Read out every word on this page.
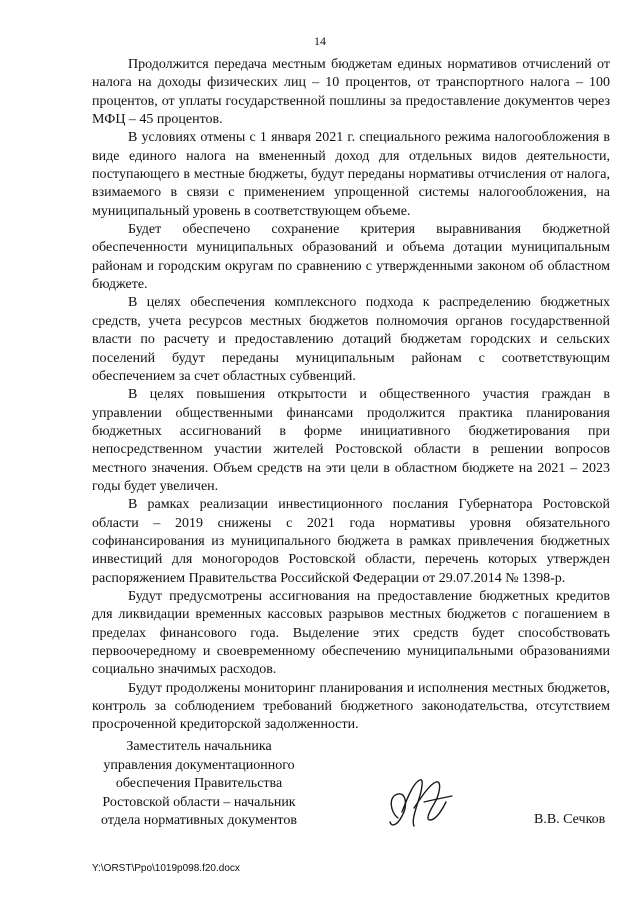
14

Продолжится передача местным бюджетам единых нормативов отчислений от налога на доходы физических лиц – 10 процентов, от транспортного налога – 100 процентов, от уплаты государственной пошлины за предоставление документов через МФЦ – 45 процентов.

В условиях отмены с 1 января 2021 г. специального режима налогообложения в виде единого налога на вмененный доход для отдельных видов деятельности, поступающего в местные бюджеты, будут переданы нормативы отчисления от налога, взимаемого в связи с применением упрощенной системы налогообложения, на муниципальный уровень в соответствующем объеме.

Будет обеспечено сохранение критерия выравнивания бюджетной обеспеченности муниципальных образований и объема дотации муниципальным районам и городским округам по сравнению с утвержденными законом об областном бюджете.

В целях обеспечения комплексного подхода к распределению бюджетных средств, учета ресурсов местных бюджетов полномочия органов государственной власти по расчету и предоставлению дотаций бюджетам городских и сельских поселений будут переданы муниципальным районам с соответствующим обеспечением за счет областных субвенций.

В целях повышения открытости и общественного участия граждан в управлении общественными финансами продолжится практика планирования бюджетных ассигнований в форме инициативного бюджетирования при непосредственном участии жителей Ростовской области в решении вопросов местного значения. Объем средств на эти цели в областном бюджете на 2021 – 2023 годы будет увеличен.

В рамках реализации инвестиционного послания Губернатора Ростовской области – 2019 снижены с 2021 года нормативы уровня обязательного софинансирования из муниципального бюджета в рамках привлечения бюджетных инвестиций для моногородов Ростовской области, перечень которых утвержден распоряжением Правительства Российской Федерации от 29.07.2014 № 1398-р.

Будут предусмотрены ассигнования на предоставление бюджетных кредитов для ликвидации временных кассовых разрывов местных бюджетов с погашением в пределах финансового года. Выделение этих средств будет способствовать первоочередному и своевременному обеспечению муниципальными образованиями социально значимых расходов.

Будут продолжены мониторинг планирования и исполнения местных бюджетов, контроль за соблюдением требований бюджетного законодательства, отсутствием просроченной кредиторской задолженности.

Заместитель начальника
управления документационного
обеспечения Правительства
Ростовской области – начальник
отдела нормативных документов	В.В. Сечков
Y:\ORST\Ppo\1019p098.f20.docx
